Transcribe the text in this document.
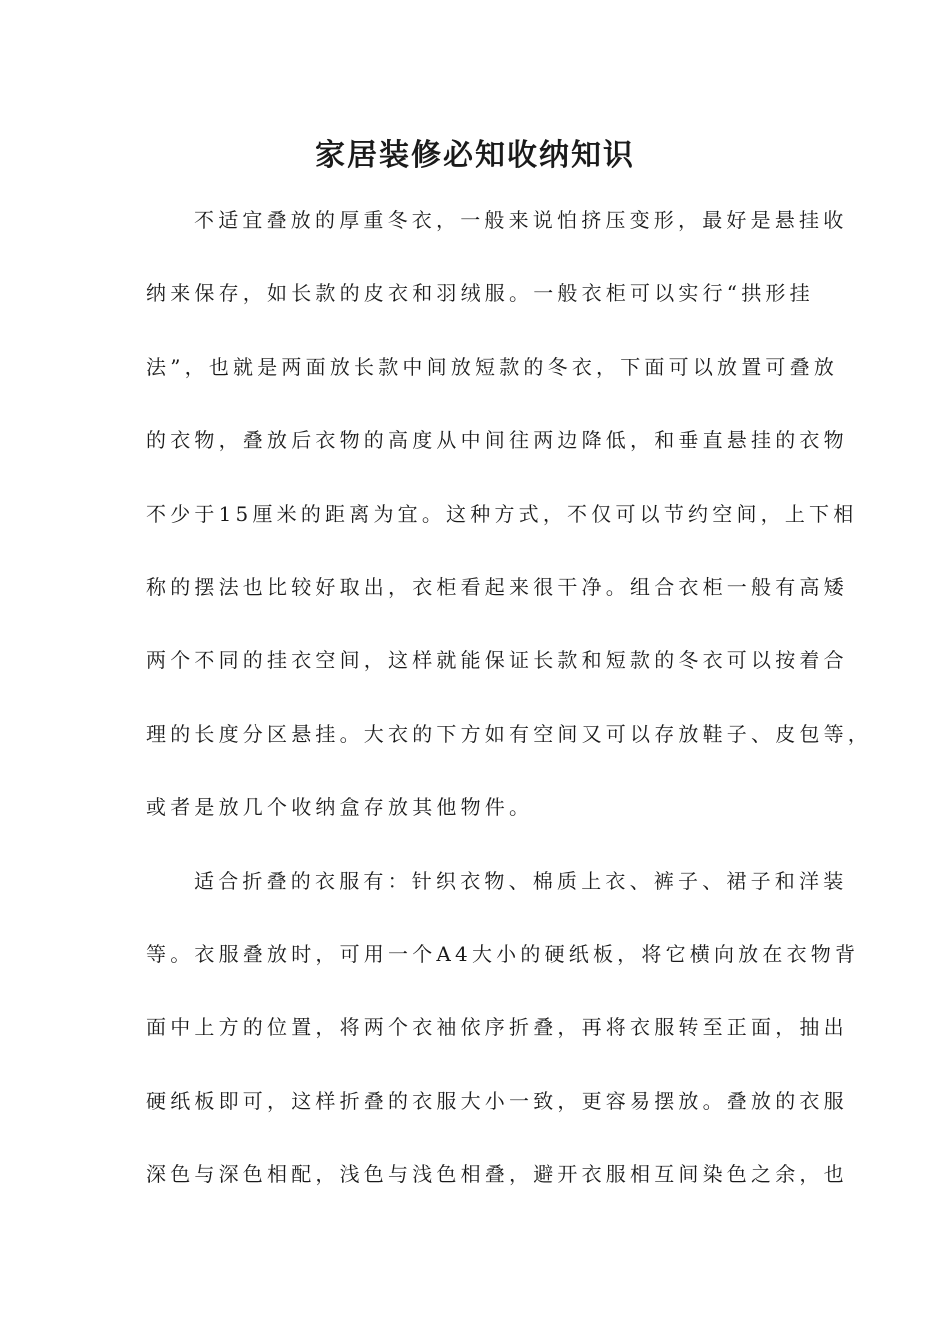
家居装修必知收纳知识
不适宜叠放的厚重冬衣，一般来说怕挤压变形，最好是悬挂收
纳来保存，如长款的皮衣和羽绒服。一般衣柜可以实行“拱形挂
法”，也就是两面放长款中间放短款的冬衣，下面可以放置可叠放
的衣物，叠放后衣物的高度从中间往两边降低，和垂直悬挂的衣物
不少于15厘米的距离为宜。这种方式，不仅可以节约空间，上下相
称的摆法也比较好取出，衣柜看起来很干净。组合衣柜一般有高矮
两个不同的挂衣空间，这样就能保证长款和短款的冬衣可以按着合
理的长度分区悬挂。大衣的下方如有空间又可以存放鞋子、皮包等，
或者是放几个收纳盒存放其他物件。
适合折叠的衣服有：针织衣物、棉质上衣、裤子、裙子和洋装
等。衣服叠放时，可用一个A4大小的硬纸板，将它横向放在衣物背
面中上方的位置，将两个衣袖依序折叠，再将衣服转至正面，抽出
硬纸板即可，这样折叠的衣服大小一致，更容易摆放。叠放的衣服
深色与深色相配，浅色与浅色相叠，避开衣服相互间染色之余，也
